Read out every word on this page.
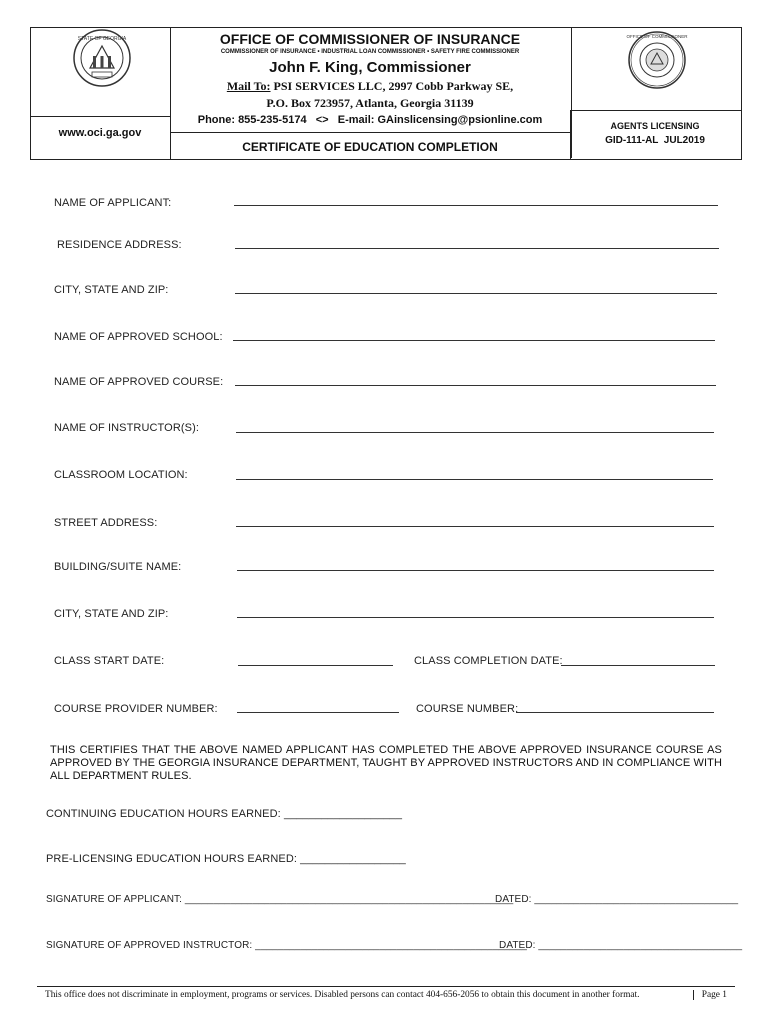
STATE OF GEORGIA	OFFICE OF COMMISSIONER
OFFICE OF COMMISSIONER OF INSURANCE
COMMISSIONER OF INSURANCE • INDUSTRIAL LOAN COMMISSIONER • SAFETY FIRE COMMISSIONER
John F. King, Commissioner
Mail To: PSI SERVICES LLC, 2997 Cobb Parkway SE,
P.O. Box 723957, Atlanta, Georgia 31139
Phone: 855-235-5174   <>   E-mail: GAinslicensing@psionline.com
www.oci.ga.gov
CERTIFICATE OF EDUCATION COMPLETION
AGENTS LICENSING
GID-111-AL  JUL2019
NAME OF APPLICANT:
RESIDENCE ADDRESS:
CITY, STATE AND ZIP:
NAME OF APPROVED SCHOOL:
NAME OF APPROVED COURSE:
NAME OF INSTRUCTOR(S):
CLASSROOM LOCATION:
STREET ADDRESS:
BUILDING/SUITE NAME:
CITY, STATE AND ZIP:
CLASS START DATE:	CLASS COMPLETION DATE:
COURSE PROVIDER NUMBER:	COURSE NUMBER:
THIS CERTIFIES THAT THE ABOVE NAMED APPLICANT HAS COMPLETED THE ABOVE APPROVED INSURANCE COURSE AS APPROVED BY THE GEORGIA INSURANCE DEPARTMENT, TAUGHT BY APPROVED INSTRUCTORS AND IN COMPLIANCE WITH ALL DEPARTMENT RULES.
CONTINUING EDUCATION HOURS EARNED: ___________________
PRE-LICENSING EDUCATION HOURS EARNED: _________________
SIGNATURE OF APPLICANT: __________________________________________________________
DATED: ____________________________________
SIGNATURE OF APPROVED INSTRUCTOR: ________________________________________________
DATED: ____________________________________
This office does not discriminate in employment, programs or services. Disabled persons can contact 404-656-2056 to obtain this document in another format.	Page 1
